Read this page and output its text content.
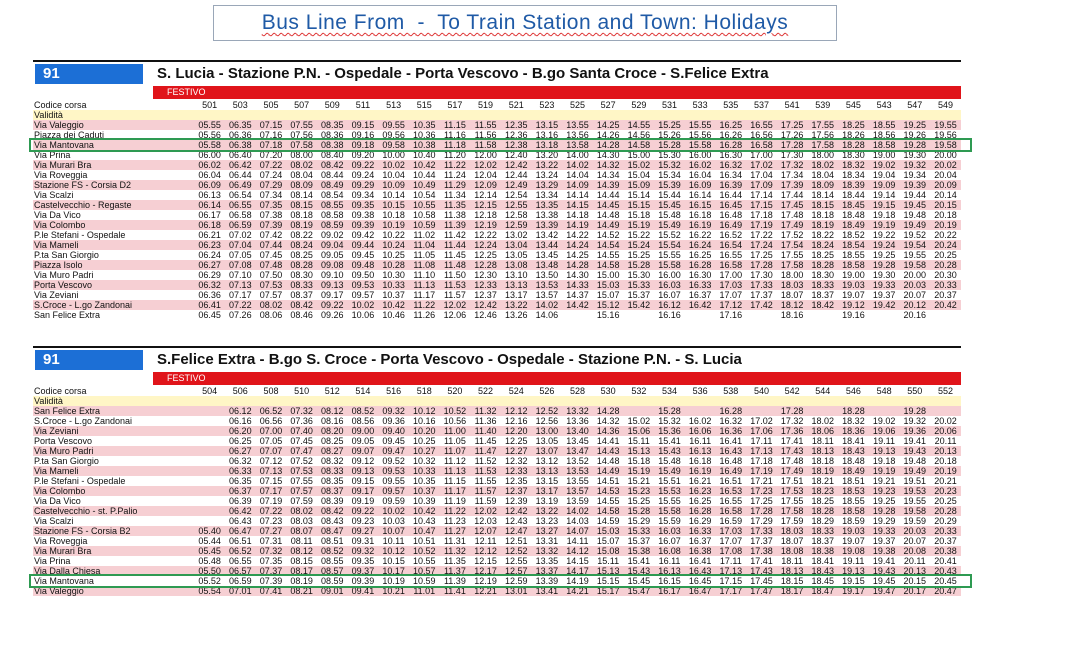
Bus Line From  -  To Train Station and Town: Holidays
91	S. Lucia - Stazione P.N. - Ospedale - Porta Vescovo - B.go Santa Croce - S.Felice Extra
FESTIVO
Codice corsa	501	503	505	507	509	511	513	515	517	519	521	523	525	527	529	531	533	535	537	541	539	545	543	547	549
Validità																									
Via Valeggio	05.55	06.35	07.15	07.55	08.35	09.15	09.55	10.35	11.15	11.55	12.35	13.15	13.55	14.25	14.55	15.25	15.55	16.25	16.55	17.25	17.55	18.25	18.55	19.25	19.55
Piazza dei Caduti	05.56	06.36	07.16	07.56	08.36	09.16	09.56	10.36	11.16	11.56	12.36	13.16	13.56	14.26	14.56	15.26	15.56	16.26	16.56	17.26	17.56	18.26	18.56	19.26	19.56
Via Mantovana	05.58	06.38	07.18	07.58	08.38	09.18	09.58	10.38	11.18	11.58	12.38	13.18	13.58	14.28	14.58	15.28	15.58	16.28	16.58	17.28	17.58	18.28	18.58	19.28	19.58
Via Prina	06.00	06.40	07.20	08.00	08.40	09.20	10.00	10.40	11.20	12.00	12.40	13.20	14.00	14.30	15.00	15.30	16.00	16.30	17.00	17.30	18.00	18.30	19.00	19.30	20.00
Via Murari Bra	06.02	06.42	07.22	08.02	08.42	09.22	10.02	10.42	11.22	12.02	12.42	13.22	14.02	14.32	15.02	15.32	16.02	16.32	17.02	17.32	18.02	18.32	19.02	19.32	20.02
Via Roveggia	06.04	06.44	07.24	08.04	08.44	09.24	10.04	10.44	11.24	12.04	12.44	13.24	14.04	14.34	15.04	15.34	16.04	16.34	17.04	17.34	18.04	18.34	19.04	19.34	20.04
Stazione FS - Corsia D2	06.09	06.49	07.29	08.09	08.49	09.29	10.09	10.49	11.29	12.09	12.49	13.29	14.09	14.39	15.09	15.39	16.09	16.39	17.09	17.39	18.09	18.39	19.09	19.39	20.09
Via Scalzi	06.13	06.54	07.34	08.14	08.54	09.34	10.14	10.54	11.34	12.14	12.54	13.34	14.14	14.44	15.14	15.44	16.14	16.44	17.14	17.44	18.14	18.44	19.14	19.44	20.14
Castelvecchio - Regaste	06.14	06.55	07.35	08.15	08.55	09.35	10.15	10.55	11.35	12.15	12.55	13.35	14.15	14.45	15.15	15.45	16.15	16.45	17.15	17.45	18.15	18.45	19.15	19.45	20.15
Via Da Vico	06.17	06.58	07.38	08.18	08.58	09.38	10.18	10.58	11.38	12.18	12.58	13.38	14.18	14.48	15.18	15.48	16.18	16.48	17.18	17.48	18.18	18.48	19.18	19.48	20.18
Via Colombo	06.18	06.59	07.39	08.19	08.59	09.39	10.19	10.59	11.39	12.19	12.59	13.39	14.19	14.49	15.19	15.49	16.19	16.49	17.19	17.49	18.19	18.49	19.19	19.49	20.19
P.le Stefani - Ospedale	06.21	07.02	07.42	08.22	09.02	09.42	10.22	11.02	11.42	12.22	13.02	13.42	14.22	14.52	15.22	15.52	16.22	16.52	17.22	17.52	18.22	18.52	19.22	19.52	20.22
Via Mameli	06.23	07.04	07.44	08.24	09.04	09.44	10.24	11.04	11.44	12.24	13.04	13.44	14.24	14.54	15.24	15.54	16.24	16.54	17.24	17.54	18.24	18.54	19.24	19.54	20.24
P.ta San Giorgio	06.24	07.05	07.45	08.25	09.05	09.45	10.25	11.05	11.45	12.25	13.05	13.45	14.25	14.55	15.25	15.55	16.25	16.55	17.25	17.55	18.25	18.55	19.25	19.55	20.25
Piazza Isolo	06.27	07.08	07.48	08.28	09.08	09.48	10.28	11.08	11.48	12.28	13.08	13.48	14.28	14.58	15.28	15.58	16.28	16.58	17.28	17.58	18.28	18.58	19.28	19.58	20.28
Via Muro Padri	06.29	07.10	07.50	08.30	09.10	09.50	10.30	11.10	11.50	12.30	13.10	13.50	14.30	15.00	15.30	16.00	16.30	17.00	17.30	18.00	18.30	19.00	19.30	20.00	20.30
Porta Vescovo	06.32	07.13	07.53	08.33	09.13	09.53	10.33	11.13	11.53	12.33	13.13	13.53	14.33	15.03	15.33	16.03	16.33	17.03	17.33	18.03	18.33	19.03	19.33	20.03	20.33
Via Zeviani	06.36	07.17	07.57	08.37	09.17	09.57	10.37	11.17	11.57	12.37	13.17	13.57	14.37	15.07	15.37	16.07	16.37	17.07	17.37	18.07	18.37	19.07	19.37	20.07	20.37
S.Croce - L.go Zandonai	06.41	07.22	08.02	08.42	09.22	10.02	10.42	11.22	12.02	12.42	13.22	14.02	14.42	15.12	15.42	16.12	16.42	17.12	17.42	18.12	18.42	19.12	19.42	20.12	20.42
San Felice Extra	06.45	07.26	08.06	08.46	09.26	10.06	10.46	11.26	12.06	12.46	13.26	14.06		15.16		16.16		17.16		18.16		19.16		20.16	
91	S.Felice Extra - B.go S. Croce - Porta Vescovo - Ospedale - Stazione P.N. - S. Lucia
FESTIVO
Codice corsa	504	506	508	510	512	514	516	518	520	522	524	526	528	530	532	534	536	538	540	542	544	546	548	550	552
Validità																									
San Felice Extra		06.12	06.52	07.32	08.12	08.52	09.32	10.12	10.52	11.32	12.12	12.52	13.32	14.28		15.28		16.28		17.28		18.28		19.28	
S.Croce - L.go Zandonai		06.16	06.56	07.36	08.16	08.56	09.36	10.16	10.56	11.36	12.16	12.56	13.36	14.32	15.02	15.32	16.02	16.32	17.02	17.32	18.02	18.32	19.02	19.32	20.02
Via Zeviani		06.20	07.00	07.40	08.20	09.00	09.40	10.20	11.00	11.40	12.20	13.00	13.40	14.36	15.06	15.36	16.06	16.36	17.06	17.36	18.06	18.36	19.06	19.36	20.06
Porta Vescovo		06.25	07.05	07.45	08.25	09.05	09.45	10.25	11.05	11.45	12.25	13.05	13.45	14.41	15.11	15.41	16.11	16.41	17.11	17.41	18.11	18.41	19.11	19.41	20.11
Via Muro Padri		06.27	07.07	07.47	08.27	09.07	09.47	10.27	11.07	11.47	12.27	13.07	13.47	14.43	15.13	15.43	16.13	16.43	17.13	17.43	18.13	18.43	19.13	19.43	20.13
P.ta San Giorgio		06.32	07.12	07.52	08.32	09.12	09.52	10.32	11.12	11.52	12.32	13.12	13.52	14.48	15.18	15.48	16.18	16.48	17.18	17.48	18.18	18.48	19.18	19.48	20.18
Via Mameli		06.33	07.13	07.53	08.33	09.13	09.53	10.33	11.13	11.53	12.33	13.13	13.53	14.49	15.19	15.49	16.19	16.49	17.19	17.49	18.19	18.49	19.19	19.49	20.19
P.le Stefani - Ospedale		06.35	07.15	07.55	08.35	09.15	09.55	10.35	11.15	11.55	12.35	13.15	13.55	14.51	15.21	15.51	16.21	16.51	17.21	17.51	18.21	18.51	19.21	19.51	20.21
Via Colombo		06.37	07.17	07.57	08.37	09.17	09.57	10.37	11.17	11.57	12.37	13.17	13.57	14.53	15.23	15.53	16.23	16.53	17.23	17.53	18.23	18.53	19.23	19.53	20.23
Via Da Vico		06.39	07.19	07.59	08.39	09.19	09.59	10.39	11.19	11.59	12.39	13.19	13.59	14.55	15.25	15.55	16.25	16.55	17.25	17.55	18.25	18.55	19.25	19.55	20.25
Castelvecchio - st. P.Palio		06.42	07.22	08.02	08.42	09.22	10.02	10.42	11.22	12.02	12.42	13.22	14.02	14.58	15.28	15.58	16.28	16.58	17.28	17.58	18.28	18.58	19.28	19.58	20.28
Via Scalzi		06.43	07.23	08.03	08.43	09.23	10.03	10.43	11.23	12.03	12.43	13.23	14.03	14.59	15.29	15.59	16.29	16.59	17.29	17.59	18.29	18.59	19.29	19.59	20.29
Stazione FS - Corsia B2	05.40	06.47	07.27	08.07	08.47	09.27	10.07	10.47	11.27	12.07	12.47	13.27	14.07	15.03	15.33	16.03	16.33	17.03	17.33	18.03	18.33	19.03	19.33	20.03	20.33
Via Roveggia	05.44	06.51	07.31	08.11	08.51	09.31	10.11	10.51	11.31	12.11	12.51	13.31	14.11	15.07	15.37	16.07	16.37	17.07	17.37	18.07	18.37	19.07	19.37	20.07	20.37
Via Murari Bra	05.45	06.52	07.32	08.12	08.52	09.32	10.12	10.52	11.32	12.12	12.52	13.32	14.12	15.08	15.38	16.08	16.38	17.08	17.38	18.08	18.38	19.08	19.38	20.08	20.38
Via Prina	05.48	06.55	07.35	08.15	08.55	09.35	10.15	10.55	11.35	12.15	12.55	13.35	14.15	15.11	15.41	16.11	16.41	17.11	17.41	18.11	18.41	19.11	19.41	20.11	20.41
Via Dalla Chiesa	05.50	06.57	07.37	08.17	08.57	09.37	10.17	10.57	11.37	12.17	12.57	13.37	14.17	15.13	15.43	16.13	16.43	17.13	17.43	18.13	18.43	19.13	19.43	20.13	20.43
Via Mantovana	05.52	06.59	07.39	08.19	08.59	09.39	10.19	10.59	11.39	12.19	12.59	13.39	14.19	15.15	15.45	16.15	16.45	17.15	17.45	18.15	18.45	19.15	19.45	20.15	20.45
Via Valeggio	05.54	07.01	07.41	08.21	09.01	09.41	10.21	11.01	11.41	12.21	13.01	13.41	14.21	15.17	15.47	16.17	16.47	17.17	17.47	18.17	18.47	19.17	19.47	20.17	20.47
